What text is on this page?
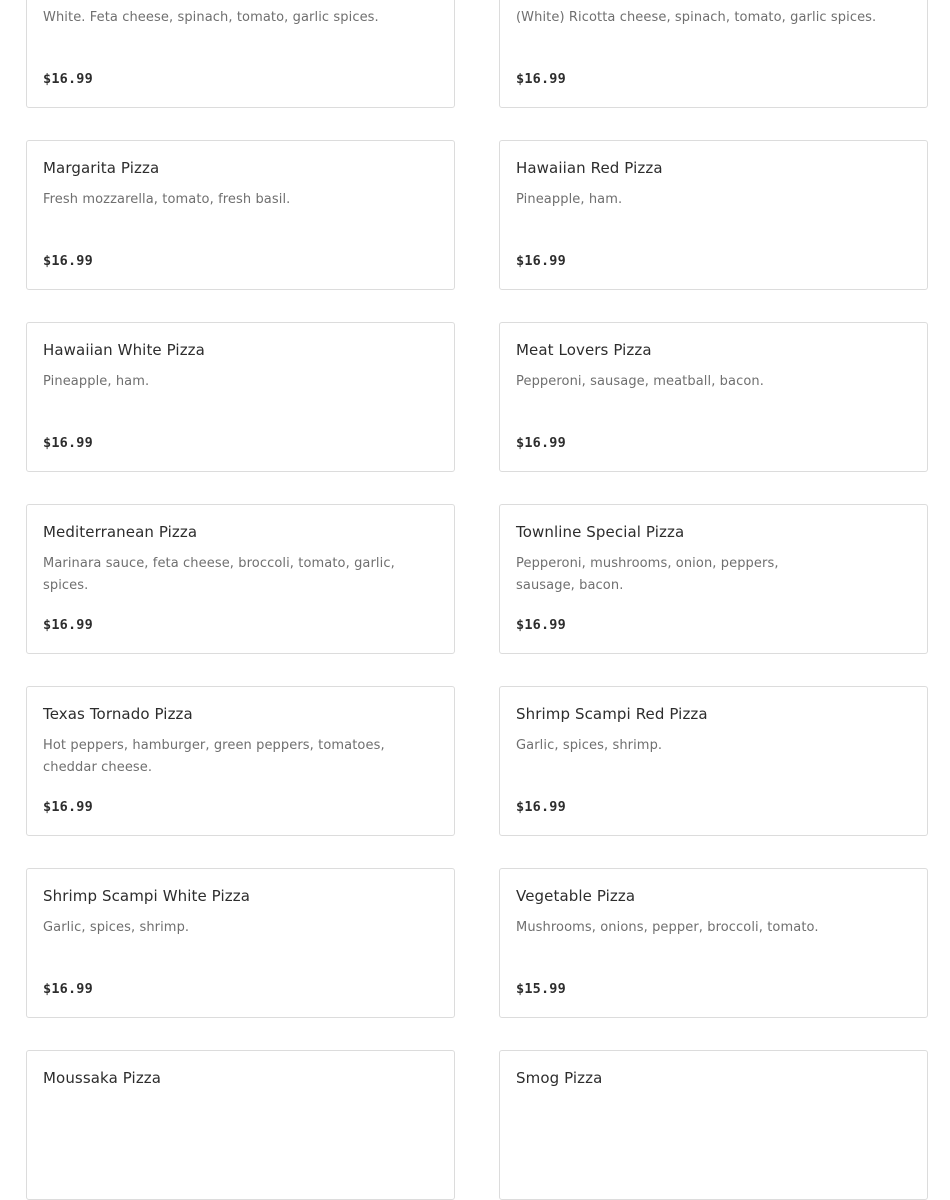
White. Feta cheese, spinach, tomato, garlic spices.
$16.99
(White) Ricotta cheese, spinach, tomato, garlic spices.
$16.99
Margarita Pizza
Fresh mozzarella, tomato, fresh basil.
$16.99
Hawaiian Red Pizza
Pineapple, ham.
$16.99
Hawaiian White Pizza
Pineapple, ham.
$16.99
Meat Lovers Pizza
Pepperoni, sausage, meatball, bacon.
$16.99
Mediterranean Pizza
Marinara sauce, feta cheese, broccoli, tomato, garlic, spices.
$16.99
Townline Special Pizza
Pepperoni, mushrooms, onion, peppers, sausage, bacon.
$16.99
Texas Tornado Pizza
Hot peppers, hamburger, green peppers, tomatoes, cheddar cheese.
$16.99
Shrimp Scampi Red Pizza
Garlic, spices, shrimp.
$16.99
Shrimp Scampi White Pizza
Garlic, spices, shrimp.
$16.99
Vegetable Pizza
Mushrooms, onions, pepper, broccoli, tomato.
$15.99
Moussaka Pizza	Smog Pizza
